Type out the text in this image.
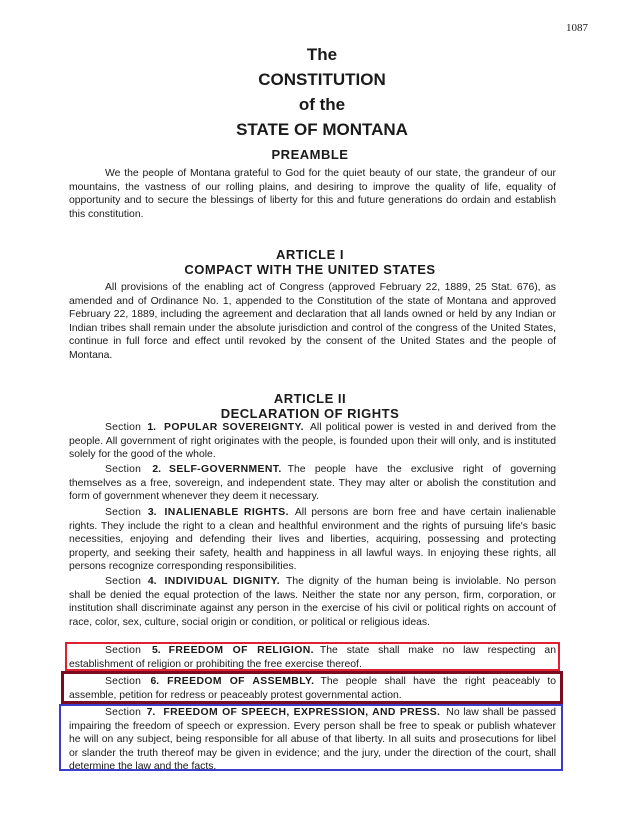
1087
The
CONSTITUTION
of the
STATE OF MONTANA
PREAMBLE
We the people of Montana grateful to God for the quiet beauty of our state, the grandeur of our mountains, the vastness of our rolling plains, and desiring to improve the quality of life, equality of opportunity and to secure the blessings of liberty for this and future generations do ordain and establish this constitution.
ARTICLE I
COMPACT WITH THE UNITED STATES
All provisions of the enabling act of Congress (approved February 22, 1889, 25 Stat. 676), as amended and of Ordinance No. 1, appended to the Constitution of the state of Montana and approved February 22, 1889, including the agreement and declaration that all lands owned or held by any Indian or Indian tribes shall remain under the absolute jurisdiction and control of the congress of the United States, continue in full force and effect until revoked by the consent of the United States and the people of Montana.
ARTICLE II
DECLARATION OF RIGHTS
Section 1. POPULAR SOVEREIGNTY. All political power is vested in and derived from the people. All government of right originates with the people, is founded upon their will only, and is instituted solely for the good of the whole.
Section 2. SELF-GOVERNMENT. The people have the exclusive right of governing themselves as a free, sovereign, and independent state. They may alter or abolish the constitution and form of government whenever they deem it necessary.
Section 3. INALIENABLE RIGHTS. All persons are born free and have certain inalienable rights. They include the right to a clean and healthful environment and the rights of pursuing life's basic necessities, enjoying and defending their lives and liberties, acquiring, possessing and protecting property, and seeking their safety, health and happiness in all lawful ways. In enjoying these rights, all persons recognize corresponding responsibilities.
Section 4. INDIVIDUAL DIGNITY. The dignity of the human being is inviolable. No person shall be denied the equal protection of the laws. Neither the state nor any person, firm, corporation, or institution shall discriminate against any person in the exercise of his civil or political rights on account of race, color, sex, culture, social origin or condition, or political or religious ideas.
Section 5. FREEDOM OF RELIGION. The state shall make no law respecting an establishment of religion or prohibiting the free exercise thereof.
Section 6. FREEDOM OF ASSEMBLY. The people shall have the right peaceably to assemble, petition for redress or peaceably protest governmental action.
Section 7. FREEDOM OF SPEECH, EXPRESSION, AND PRESS. No law shall be passed impairing the freedom of speech or expression. Every person shall be free to speak or publish whatever he will on any subject, being responsible for all abuse of that liberty. In all suits and prosecutions for libel or slander the truth thereof may be given in evidence; and the jury, under the direction of the court, shall determine the law and the facts.
